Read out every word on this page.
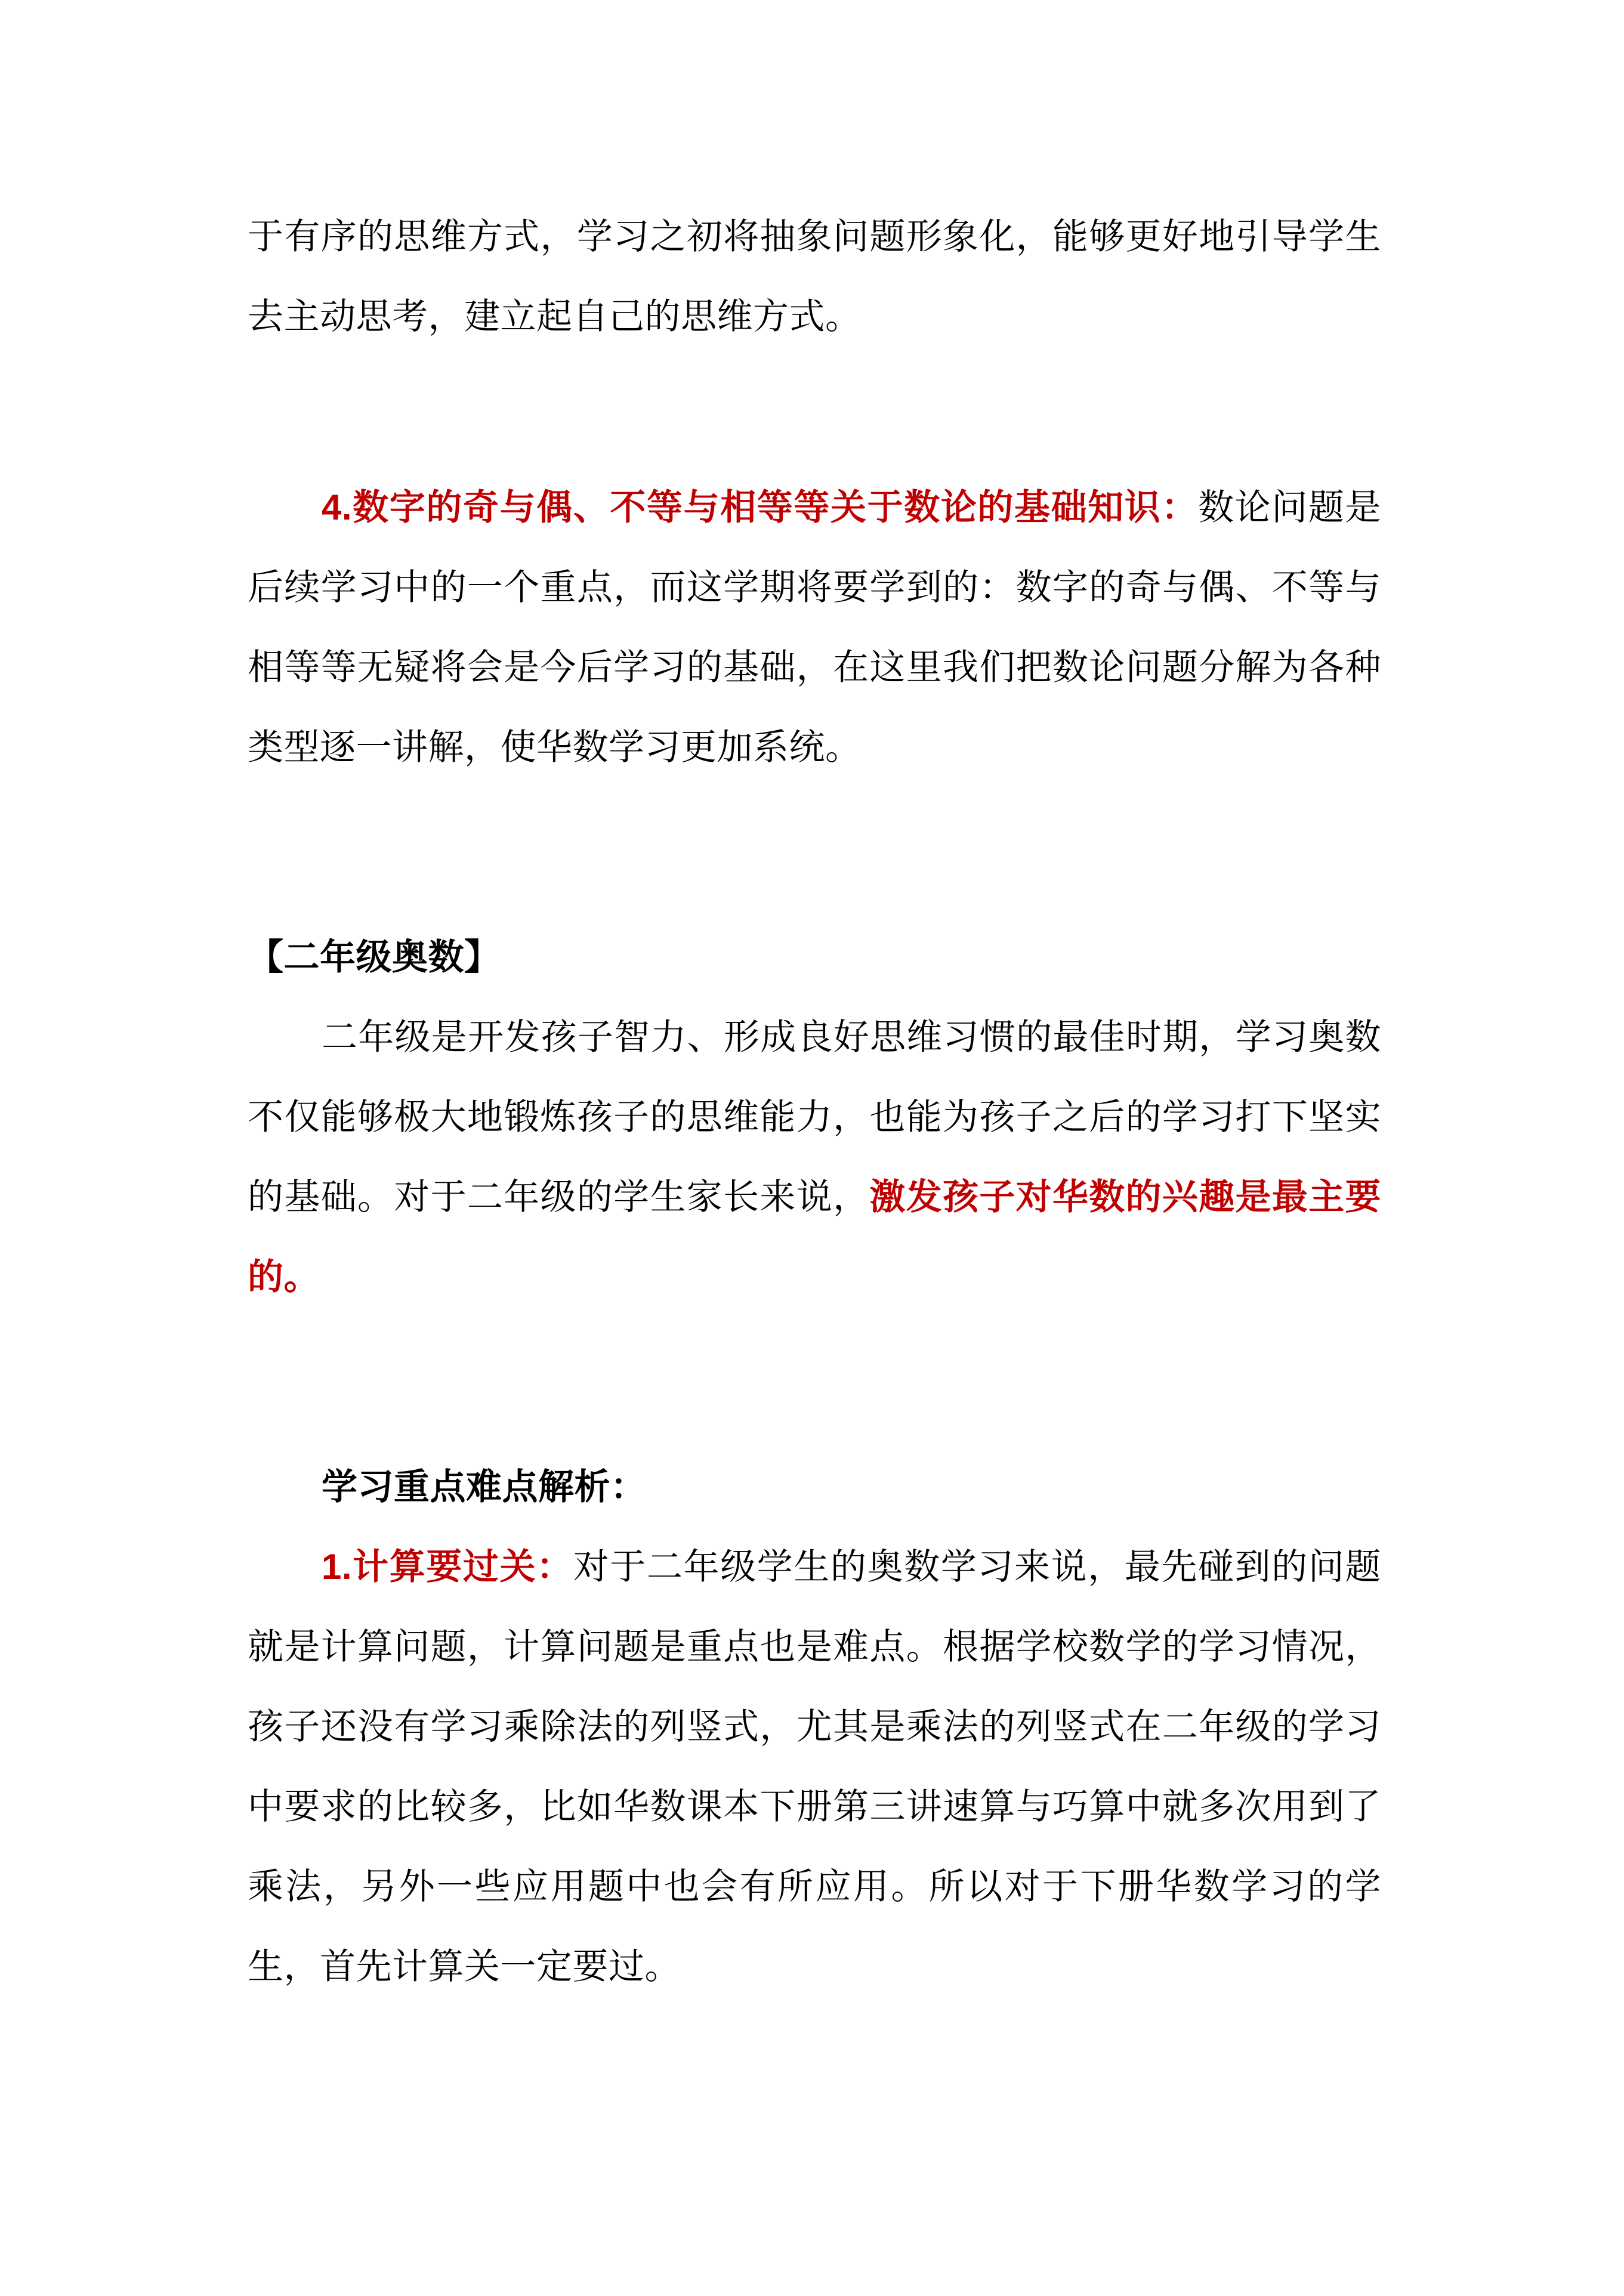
于有序的思维方式，学习之初将抽象问题形象化，能够更好地引导学生去主动思考，建立起自己的思维方式。

4.数字的奇与偶、不等与相等等关于数论的基础知识：数论问题是后续学习中的一个重点，而这学期将要学到的：数字的奇与偶、不等与相等等无疑将会是今后学习的基础，在这里我们把数论问题分解为各种类型逐一讲解，使华数学习更加系统。

【二年级奥数】

二年级是开发孩子智力、形成良好思维习惯的最佳时期，学习奥数不仅能够极大地锻炼孩子的思维能力，也能为孩子之后的学习打下坚实的基础。对于二年级的学生家长来说，激发孩子对华数的兴趣是最主要的。

学习重点难点解析：

1.计算要过关：对于二年级学生的奥数学习来说，最先碰到的问题就是计算问题，计算问题是重点也是难点。根据学校数学的学习情况，孩子还没有学习乘除法的列竖式，尤其是乘法的列竖式在二年级的学习中要求的比较多，比如华数课本下册第三讲速算与巧算中就多次用到了乘法，另外一些应用题中也会有所应用。所以对于下册华数学习的学生，首先计算关一定要过。
